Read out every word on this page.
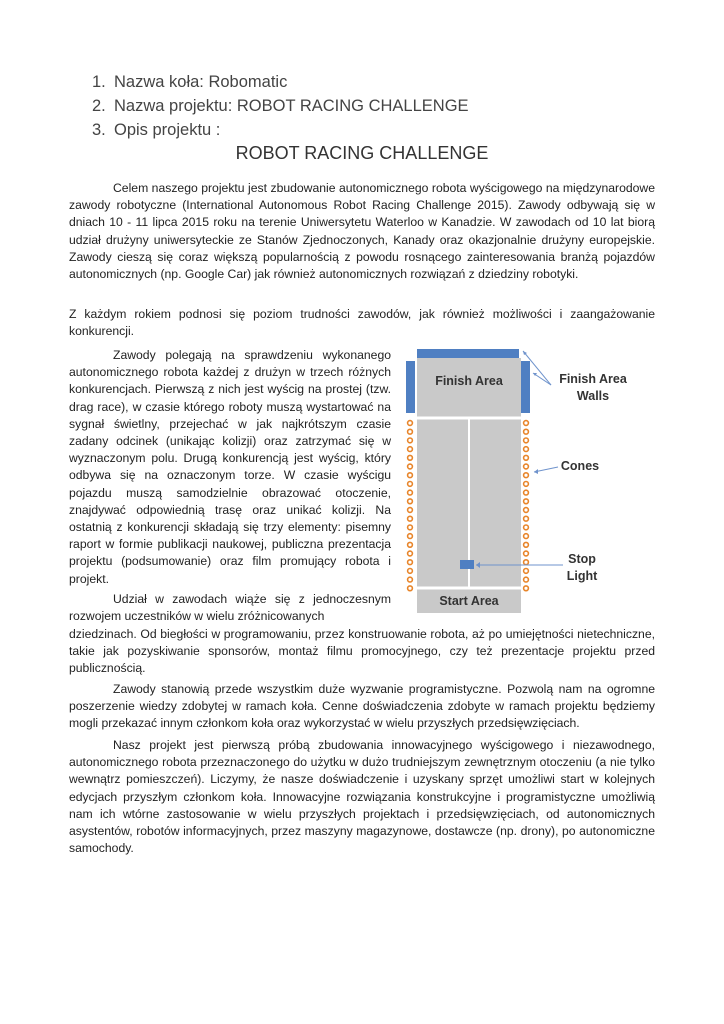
1. Nazwa koła: Robomatic
2. Nazwa projektu: ROBOT RACING CHALLENGE
3. Opis projektu :
ROBOT RACING CHALLENGE

Celem naszego projektu jest zbudowanie autonomicznego robota wyścigowego na międzynarodowe zawody robotyczne (International Autonomous Robot Racing Challenge 2015). Zawody odbywają się w dniach 10 - 11 lipca 2015 roku na terenie Uniwersytetu Waterloo w Kanadzie. W zawodach od 10 lat biorą udział drużyny uniwersyteckie ze Stanów Zjednoczonych, Kanady oraz okazjonalnie drużyny europejskie. Zawody cieszą się coraz większą popularnością z powodu rosnącego zainteresowania branżą pojazdów autonomicznych (np. Google Car) jak również autonomicznych rozwiązań z dziedziny robotyki.

Z każdym rokiem podnosi się poziom trudności zawodów, jak również możliwości i zaangażowanie konkurencji.

Zawody polegają na sprawdzeniu wykonanego autonomicznego robota każdej z drużyn w trzech różnych konkurencjach. Pierwszą z nich jest wyścig na prostej (tzw. drag race), w czasie którego roboty muszą wystartować na sygnał świetlny, przejechać w jak najkrótszym czasie zadany odcinek (unikając kolizji) oraz zatrzymać się w wyznaczonym polu. Drugą konkurencją jest wyścig, który odbywa się na oznaczonym torze. W czasie wyścigu pojazdu muszą samodzielnie obrazować otoczenie, znajdywać odpowiednią trasę oraz unikać kolizji. Na ostatnią z konkurencji składają się trzy elementy: pisemny raport w formie publikacji naukowej, publiczna prezentacja projektu (podsumowanie) oraz film promujący robota i projekt.

Udział w zawodach wiąże się z jednoczesnym rozwojem uczestników w wielu zróżnicowanych

dziedzinach. Od biegłości w programowaniu, przez konstruowanie robota, aż po umiejętności nietechniczne, takie jak pozyskiwanie sponsorów, montaż filmu promocyjnego, czy też prezentacje projektu przed publicznością.

Zawody stanowią przede wszystkim duże wyzwanie programistyczne. Pozwolą nam na ogromne poszerzenie wiedzy zdobytej w ramach koła. Cenne doświadczenia zdobyte w ramach projektu będziemy mogli przekazać innym członkom koła oraz wykorzystać w wielu przyszłych przedsięwzięciach.

Nasz projekt jest pierwszą próbą zbudowania innowacyjnego wyścigowego i niezawodnego, autonomicznego robota przeznaczonego do użytku w dużo trudniejszym zewnętrznym otoczeniu (a nie tylko wewnątrz pomieszczeń). Liczymy, że nasze doświadczenie i uzyskany sprzęt umożliwi start w kolejnych edycjach przyszłym członkom koła. Innowacyjne rozwiązania konstrukcyjne i programistyczne umożliwią nam ich wtórne zastosowanie w wielu przyszłych projektach i przedsięwzięciach, od autonomicznych asystentów, robotów informacyjnych, przez maszyny magazynowe, dostawcze (np. drony), po autonomiczne samochody.

Finish Area
Start Area
Finish Area
Walls
Cones
Stop
Light
